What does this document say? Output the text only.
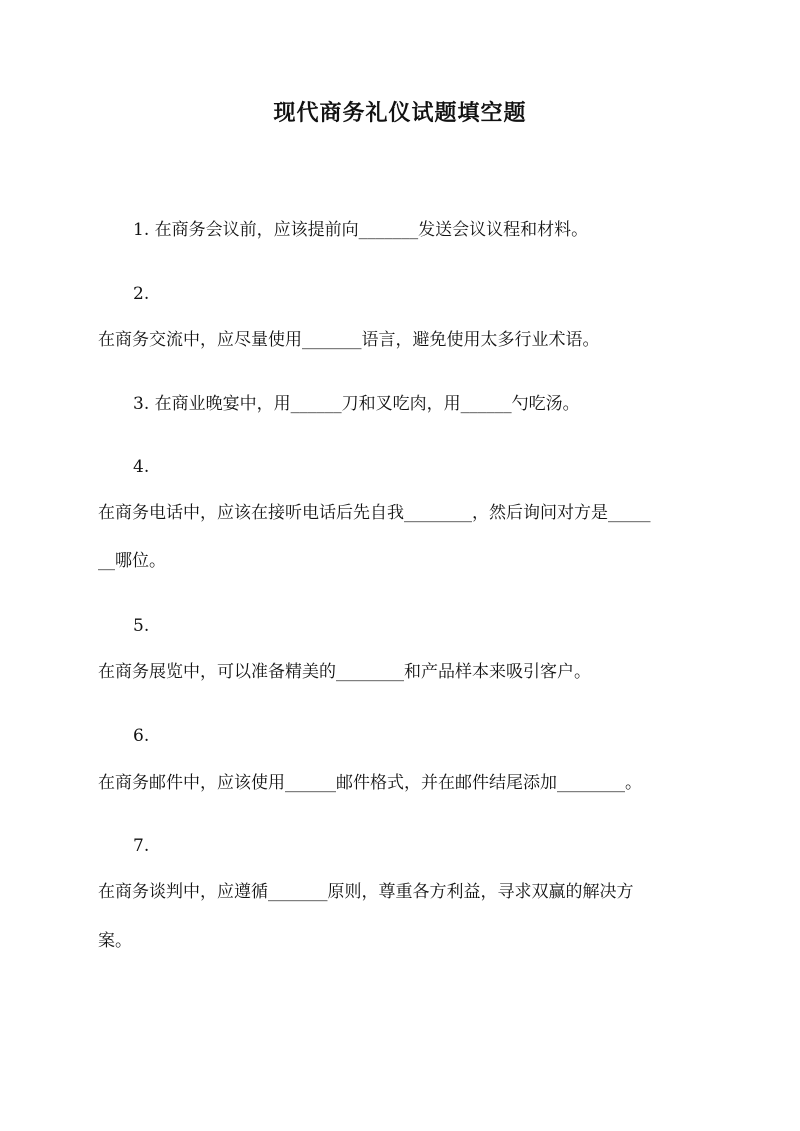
现代商务礼仪试题填空题
1. 在商务会议前，应该提前向_______发送会议议程和材料。
2.
在商务交流中，应尽量使用_______语言，避免使用太多行业术语。
3. 在商业晚宴中，用______刀和叉吃肉，用______勺吃汤。
4.
在商务电话中，应该在接听电话后先自我________，然后询问对方是_____
__哪位。
5.
在商务展览中，可以准备精美的________和产品样本来吸引客户。
6.
在商务邮件中，应该使用______邮件格式，并在邮件结尾添加________。
7.
在商务谈判中，应遵循_______原则，尊重各方利益，寻求双赢的解决方
案。
